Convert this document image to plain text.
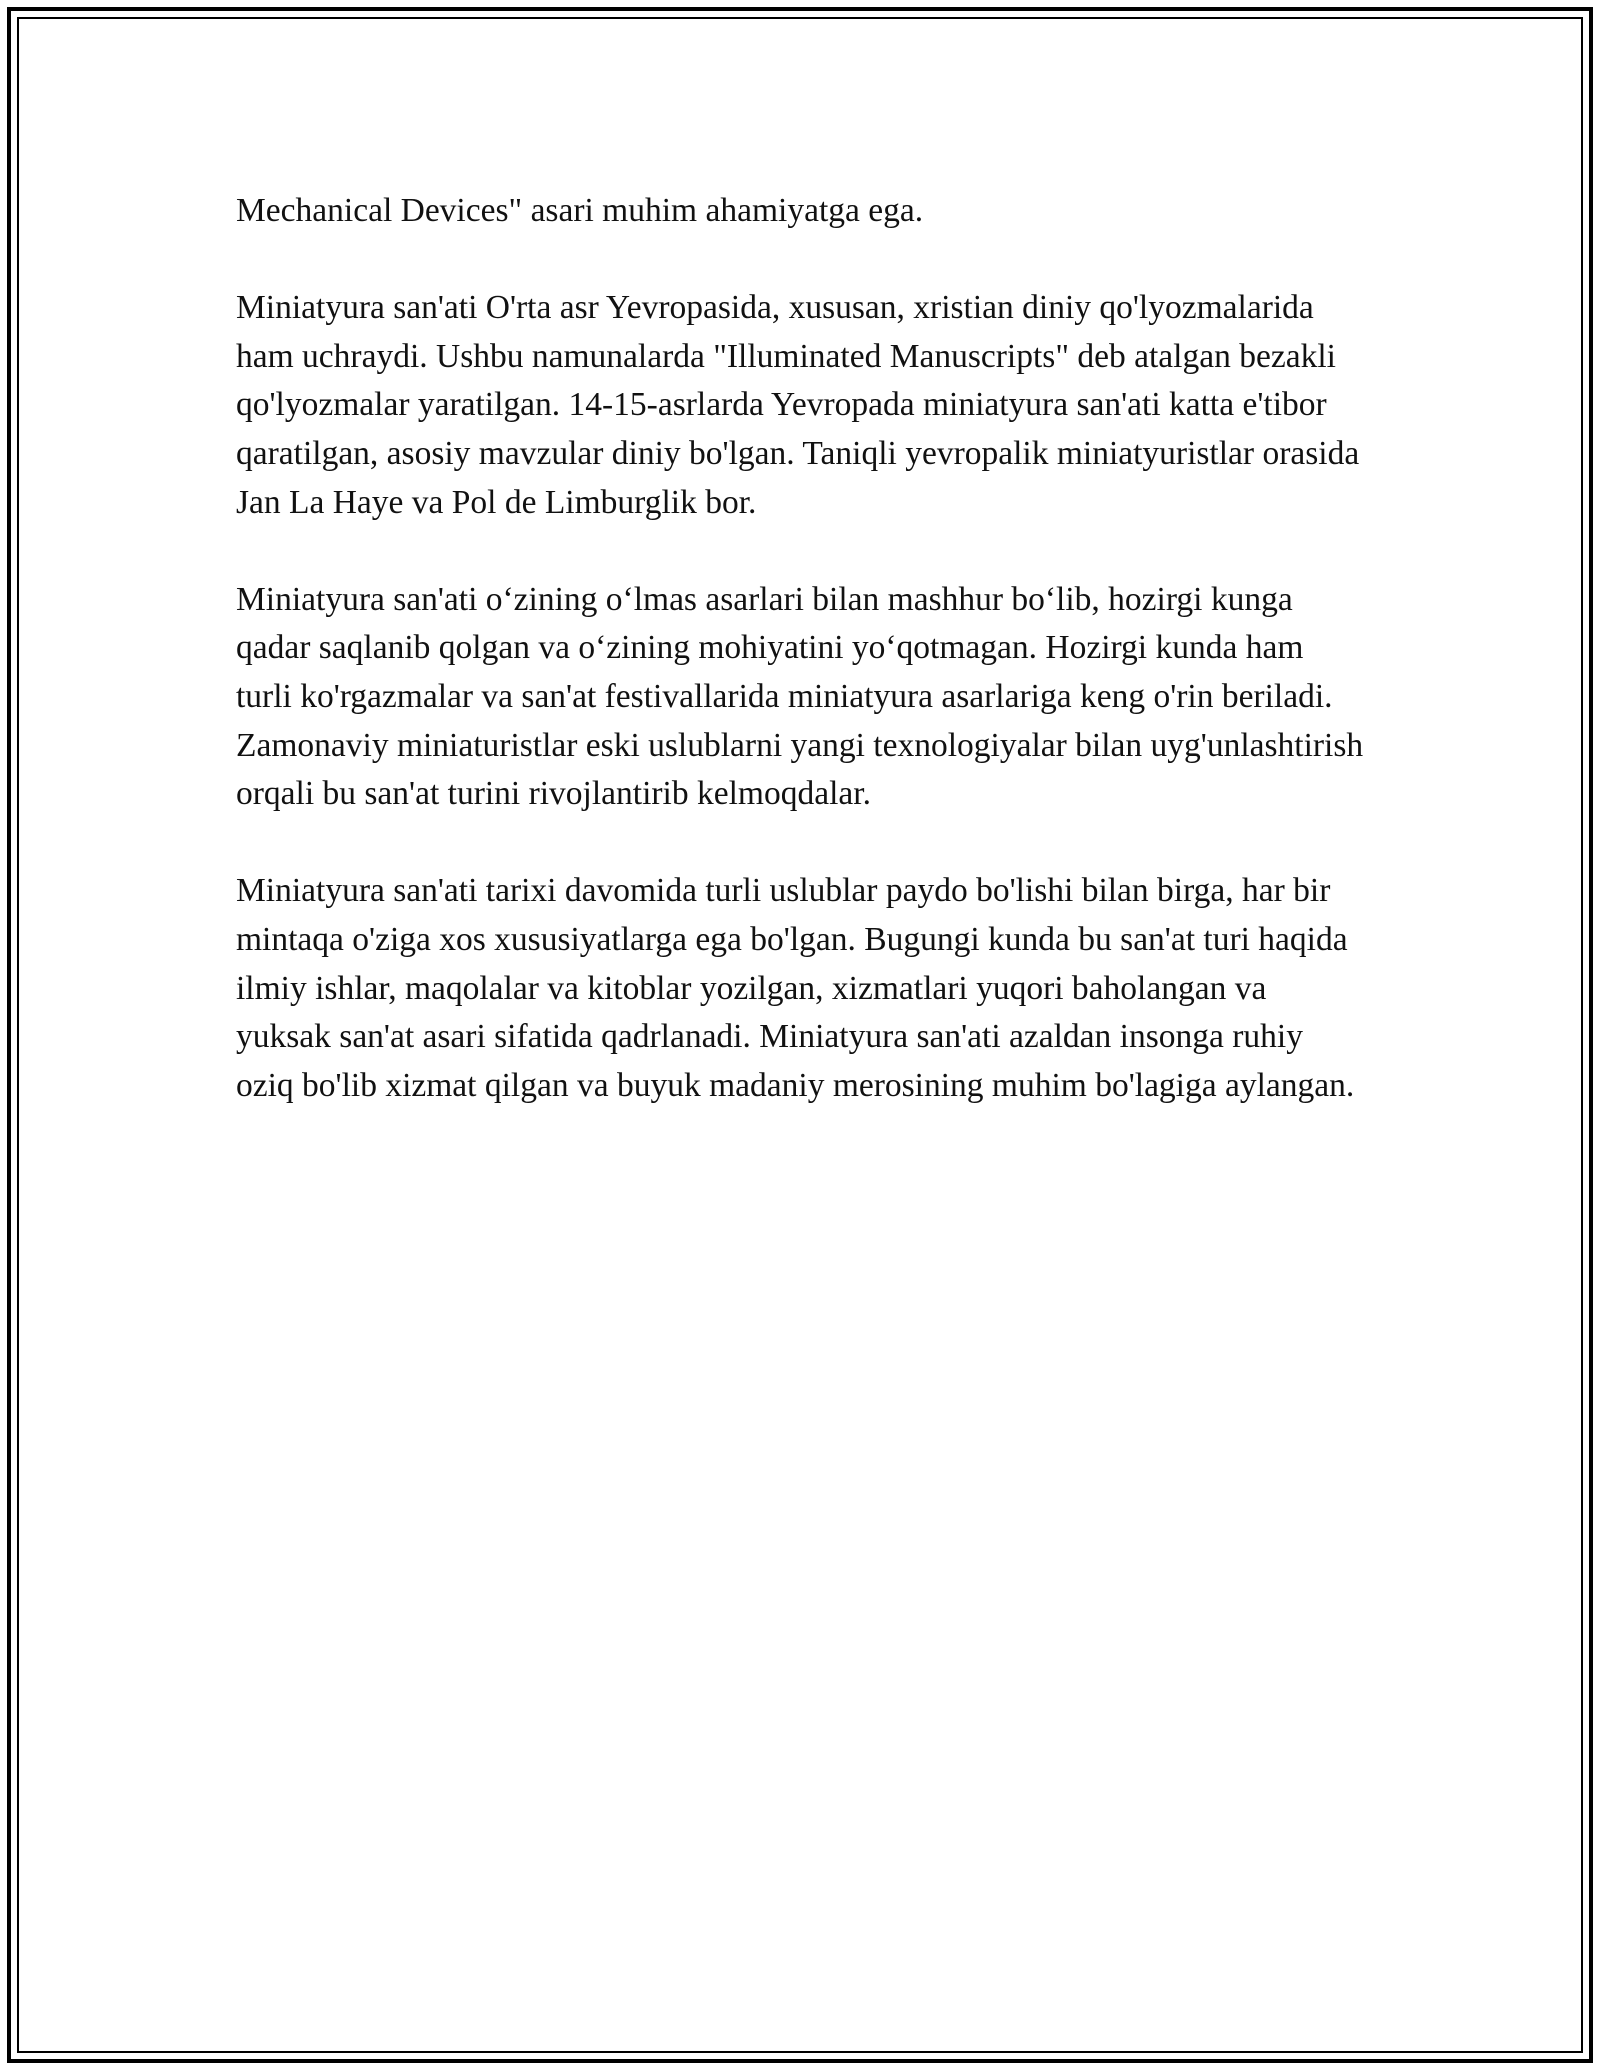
Mechanical Devices" asari muhim ahamiyatga ega.

Miniatyura san'ati O'rta asr Yevropasida, xususan, xristian diniy qo'lyozmalarida ham uchraydi. Ushbu namunalarda "Illuminated Manuscripts" deb atalgan bezakli qo'lyozmalar yaratilgan. 14-15-asrlarda Yevropada miniatyura san'ati katta e'tibor qaratilgan, asosiy mavzular diniy bo'lgan. Taniqli yevropalik miniatyuristlar orasida Jan La Haye va Pol de Limburglik bor.

Miniatyura san'ati o‘zining o‘lmas asarlari bilan mashhur bo‘lib, hozirgi kunga qadar saqlanib qolgan va o‘zining mohiyatini yo‘qotmagan. Hozirgi kunda ham turli ko'rgazmalar va san'at festivallarida miniatyura asarlariga keng o'rin beriladi. Zamonaviy miniaturistlar eski uslublarni yangi texnologiyalar bilan uyg'unlashtirish orqali bu san'at turini rivojlantirib kelmoqdalar.

Miniatyura san'ati tarixi davomida turli uslublar paydo bo'lishi bilan birga, har bir mintaqa o'ziga xos xususiyatlarga ega bo'lgan. Bugungi kunda bu san'at turi haqida ilmiy ishlar, maqolalar va kitoblar yozilgan, xizmatlari yuqori baholangan va yuksak san'at asari sifatida qadrlanadi. Miniatyura san'ati azaldan insonga ruhiy oziq bo'lib xizmat qilgan va buyuk madaniy merosining muhim bo'lagiga aylangan.
